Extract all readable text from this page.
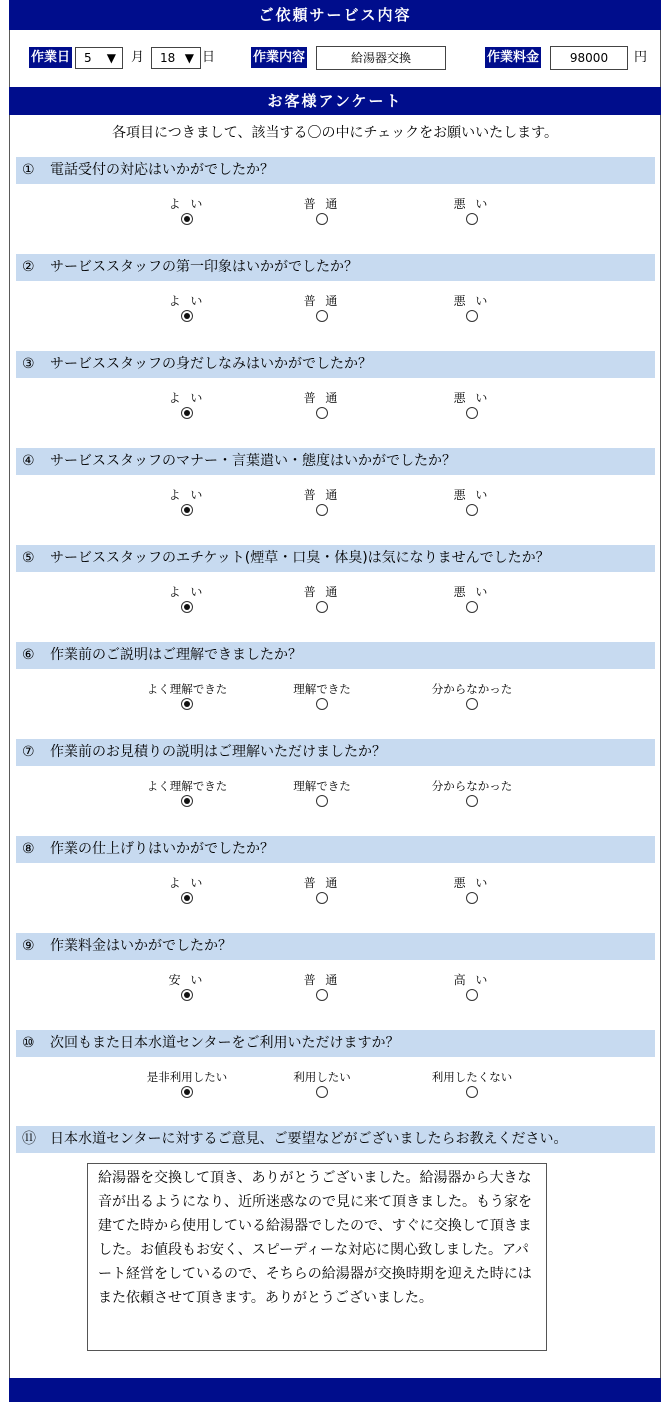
ご依頼サービス内容
作業日	5 ▼ 月	18 ▼ 日	作業内容	給湯器交換	作業料金	98000	円
お客様アンケート
各項目につきまして、該当する〇の中にチェックをお願いいたします。
① 電話受付の対応はいかがでしたか？
よ い	普 通	悪 い
② サービススタッフの第一印象はいかがでしたか？
よ い	普 通	悪 い
③ サービススタッフの身だしなみはいかがでしたか？
よ い	普 通	悪 い
④ サービススタッフのマナー・言葉遣い・態度はいかがでしたか？
よ い	普 通	悪 い
⑤ サービススタッフのエチケット(煙草・口臭・体臭)は気になりませんでしたか？
よ い	普 通	悪 い
⑥ 作業前のご説明はご理解できましたか？
よく理解できた	理解できた	分からなかった
⑦ 作業前のお見積りの説明はご理解いただけましたか？
よく理解できた	理解できた	分からなかった
⑧ 作業の仕上げりはいかがでしたか？
よ い	普 通	悪 い
⑨ 作業料金はいかがでしたか？
安 い	普 通	高 い
⑩ 次回もまた日本水道センターをご利用いただけますか？
是非利用したい	利用したい	利用したくない
⑪ 日本水道センターに対するご意見、ご要望などがございましたらお教えください。
給湯器を交換して頂き、ありがとうございました。給湯器から大きな音が出るようになり、近所迷惑なので見に来て頂きました。もう家を建てた時から使用している給湯器でしたので、すぐに交換して頂きました。お値段もお安く、スピーディーな対応に関心致しました。アパート経営をしているので、そちらの給湯器が交換時期を迎えた時にはまた依頼させて頂きます。ありがとうございました。
